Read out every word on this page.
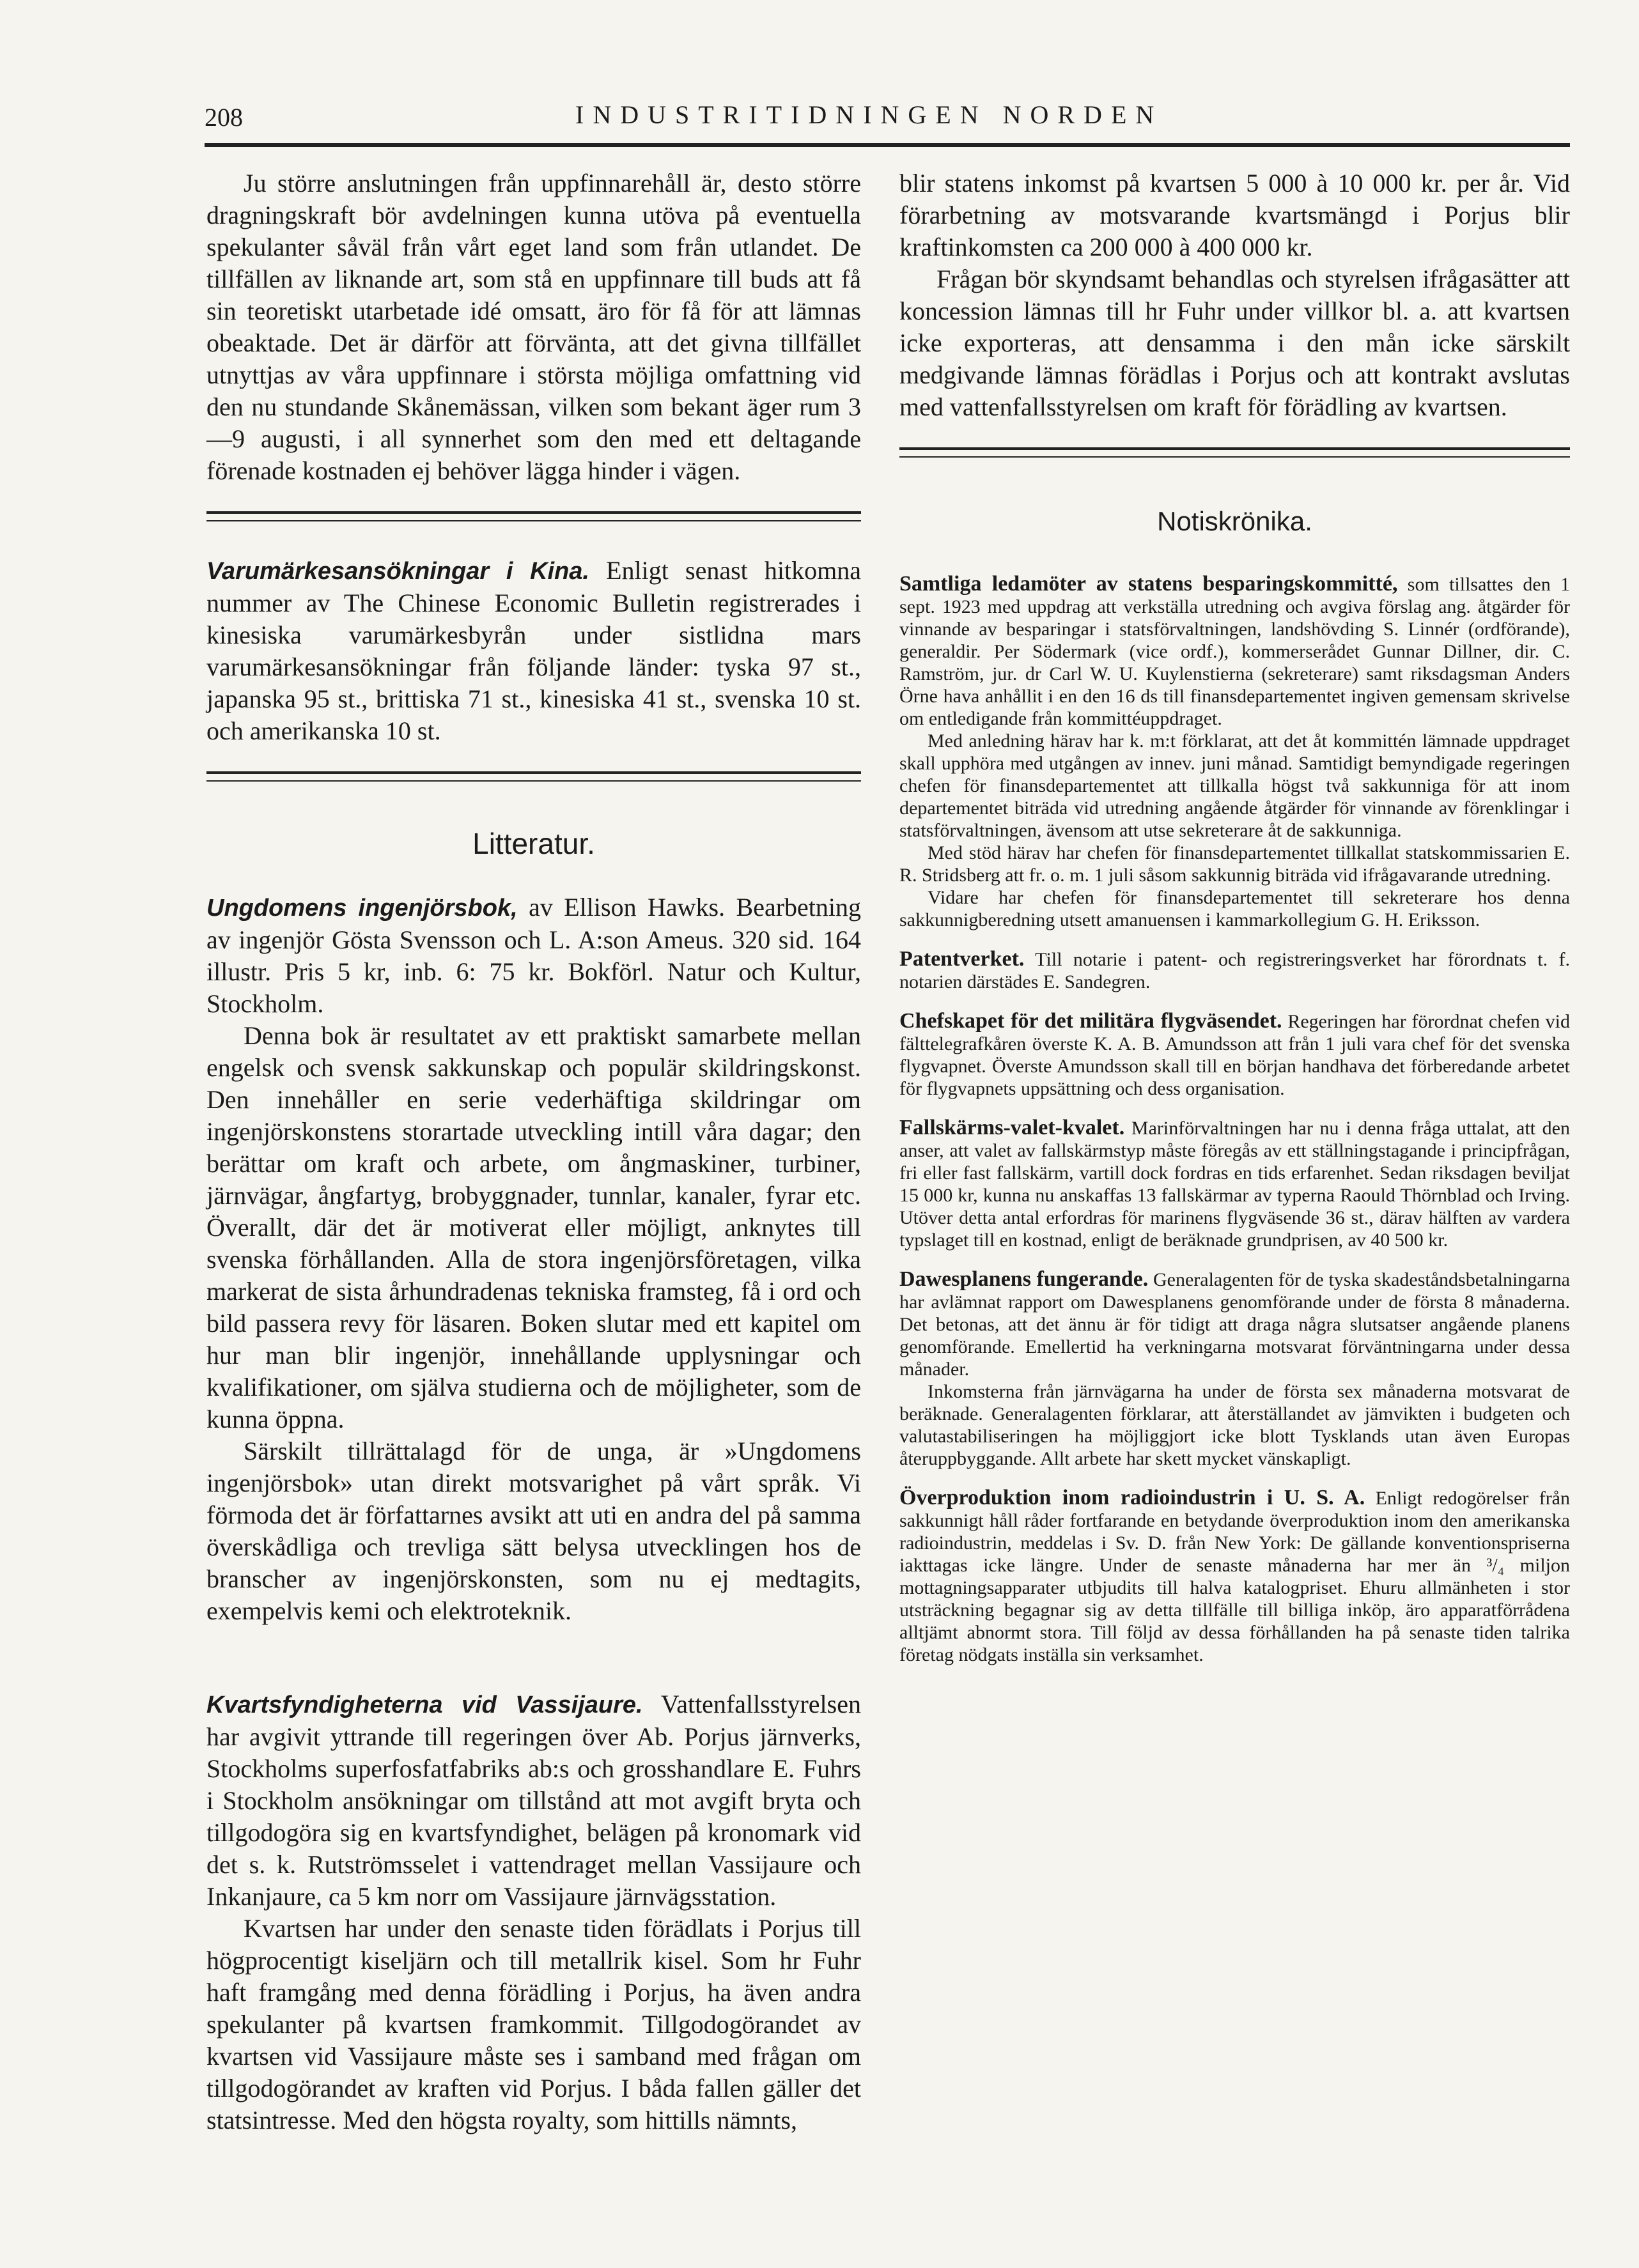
208	INDUSTRITIDNINGEN NORDEN

Ju större anslutningen från uppfinnarehåll är, desto större dragningskraft bör avdelningen kunna utöva på eventuella spekulanter såväl från vårt eget land som från utlandet. De tillfällen av liknande art, som stå en uppfinnare till buds att få sin teoretiskt utarbetade idé omsatt, äro för få för att lämnas obeaktade. Det är därför att förvänta, att det givna tillfället utnyttjas av våra uppfinnare i största möjliga omfattning vid den nu stundande Skånemässan, vilken som bekant äger rum 3—9 augusti, i all synnerhet som den med ett deltagande förenade kostnaden ej behöver lägga hinder i vägen.

Varumärkesansökningar i Kina. Enligt senast hitkomna nummer av The Chinese Economic Bulletin registrerades i kinesiska varumärkesbyrån under sistlidna mars varumärkesansökningar från följande länder: tyska 97 st., japanska 95 st., brittiska 71 st., kinesiska 41 st., svenska 10 st. och amerikanska 10 st.

Litteratur.

Ungdomens ingenjörsbok, av Ellison Hawks. Bearbetning av ingenjör Gösta Svensson och L. A:son Ameus. 320 sid. 164 illustr. Pris 5 kr, inb. 6: 75 kr. Bokförl. Natur och Kultur, Stockholm.

Denna bok är resultatet av ett praktiskt samarbete mellan engelsk och svensk sakkunskap och populär skildringskonst. Den innehåller en serie vederhäftiga skildringar om ingenjörskonstens storartade utveckling intill våra dagar; den berättar om kraft och arbete, om ångmaskiner, turbiner, järnvägar, ångfartyg, brobyggnader, tunnlar, kanaler, fyrar etc. Överallt, där det är motiverat eller möjligt, anknytes till svenska förhållanden. Alla de stora ingenjörsföretagen, vilka markerat de sista århundradenas tekniska framsteg, få i ord och bild passera revy för läsaren. Boken slutar med ett kapitel om hur man blir ingenjör, innehållande upplysningar och kvalifikationer, om själva studierna och de möjligheter, som de kunna öppna.

Särskilt tillrättalagd för de unga, är »Ungdomens ingenjörsbok» utan direkt motsvarighet på vårt språk. Vi förmoda det är författarnes avsikt att uti en andra del på samma överskådliga och trevliga sätt belysa utvecklingen hos de branscher av ingenjörskonsten, som nu ej medtagits, exempelvis kemi och elektroteknik.

Kvartsfyndigheterna vid Vassijaure. Vattenfallsstyrelsen har avgivit yttrande till regeringen över Ab. Porjus järnverks, Stockholms superfosfatfabriks ab:s och grosshandlare E. Fuhrs i Stockholm ansökningar om tillstånd att mot avgift bryta och tillgodogöra sig en kvartsfyndighet, belägen på kronomark vid det s. k. Rutströmsselet i vattendraget mellan Vassijaure och Inkanjaure, ca 5 km norr om Vassijaure järnvägsstation.

Kvartsen har under den senaste tiden förädlats i Porjus till högprocentigt kiseljärn och till metallrik kisel. Som hr Fuhr haft framgång med denna förädling i Porjus, ha även andra spekulanter på kvartsen framkommit. Tillgodogörandet av kvartsen vid Vassijaure måste ses i samband med frågan om tillgodogörandet av kraften vid Porjus. I båda fallen gäller det statsintresse. Med den högsta royalty, som hittills nämnts,

blir statens inkomst på kvartsen 5 000 à 10 000 kr. per år. Vid förarbetning av motsvarande kvartsmängd i Porjus blir kraftinkomsten ca 200 000 à 400 000 kr.

Frågan bör skyndsamt behandlas och styrelsen ifrågasätter att koncession lämnas till hr Fuhr under villkor bl. a. att kvartsen icke exporteras, att densamma i den mån icke särskilt medgivande lämnas förädlas i Porjus och att kontrakt avslutas med vattenfallsstyrelsen om kraft för förädling av kvartsen.

Notiskrönika.

Samtliga ledamöter av statens besparingskommitté, som tillsattes den 1 sept. 1923 med uppdrag att verkställa utredning och avgiva förslag ang. åtgärder för vinnande av besparingar i statsförvaltningen, landshövding S. Linnér (ordförande), generaldir. Per Södermark (vice ordf.), kommerserådet Gunnar Dillner, dir. C. Ramström, jur. dr Carl W. U. Kuylenstierna (sekreterare) samt riksdagsman Anders Örne hava anhållit i en den 16 ds till finansdepartementet ingiven gemensam skrivelse om entledigande från kommittéuppdraget.

Med anledning härav har k. m:t förklarat, att det åt kommittén lämnade uppdraget skall upphöra med utgången av innev. juni månad. Samtidigt bemyndigade regeringen chefen för finansdepartementet att tillkalla högst två sakkunniga för att inom departementet biträda vid utredning angående åtgärder för vinnande av förenklingar i statsförvaltningen, ävensom att utse sekreterare åt de sakkunniga.

Med stöd härav har chefen för finansdepartementet tillkallat statskommissarien E. R. Stridsberg att fr. o. m. 1 juli såsom sakkunnig biträda vid ifrågavarande utredning.

Vidare har chefen för finansdepartementet till sekreterare hos denna sakkunnigberedning utsett amanuensen i kammarkollegium G. H. Eriksson.

Patentverket. Till notarie i patent- och registreringsverket har förordnats t. f. notarien därstädes E. Sandegren.

Chefskapet för det militära flygväsendet. Regeringen har förordnat chefen vid fälttelegrafkåren överste K. A. B. Amundsson att från 1 juli vara chef för det svenska flygvapnet. Överste Amundsson skall till en början handhava det förberedande arbetet för flygvapnets uppsättning och dess organisation.

Fallskärms-valet-kvalet. Marinförvaltningen har nu i denna fråga uttalat, att den anser, att valet av fallskärmstyp måste föregås av ett ställningstagande i principfrågan, fri eller fast fallskärm, vartill dock fordras en tids erfarenhet. Sedan riksdagen beviljat 15 000 kr, kunna nu anskaffas 13 fallskärmar av typerna Raould Thörnblad och Irving. Utöver detta antal erfordras för marinens flygväsende 36 st., därav hälften av vardera typslaget till en kostnad, enligt de beräknade grundprisen, av 40 500 kr.

Dawesplanens fungerande. Generalagenten för de tyska skadeståndsbetalningarna har avlämnat rapport om Dawesplanens genomförande under de första 8 månaderna. Det betonas, att det ännu är för tidigt att draga några slutsatser angående planens genomförande. Emellertid ha verkningarna motsvarat förväntningarna under dessa månader.

Inkomsterna från järnvägarna ha under de första sex månaderna motsvarat de beräknade. Generalagenten förklarar, att återställandet av jämvikten i budgeten och valutastabiliseringen ha möjliggjort icke blott Tysklands utan även Europas återuppbyggande. Allt arbete har skett mycket vänskapligt.

Överproduktion inom radioindustrin i U. S. A. Enligt redogörelser från sakkunnigt håll råder fortfarande en betydande överproduktion inom den amerikanska radioindustrin, meddelas i Sv. D. från New York: De gällande konventionspriserna iakttagas icke längre. Under de senaste månaderna har mer än ³/₄ miljon mottagningsapparater utbjudits till halva katalogpriset. Ehuru allmänheten i stor utsträckning begagnar sig av detta tillfälle till billiga inköp, äro apparatförrådena alltjämt abnormt stora. Till följd av dessa förhållanden ha på senaste tiden talrika företag nödgats inställa sin verksamhet.
